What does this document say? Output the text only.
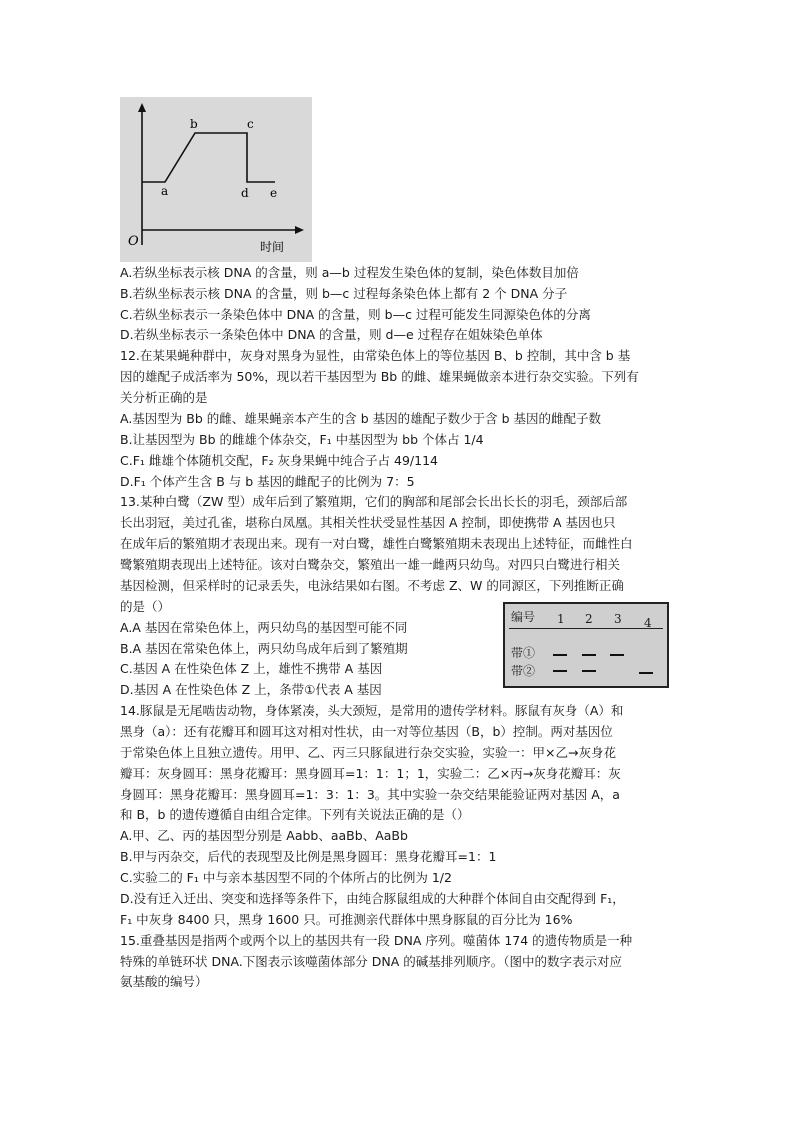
O
a
b	c
d e
时间
A.若纵坐标表示核 DNA 的含量，则 a—b 过程发生染色体的复制，染色体数目加倍
B.若纵坐标表示核 DNA 的含量，则 b—c 过程每条染色体上都有 2 个 DNA 分子
C.若纵坐标表示一条染色体中 DNA 的含量，则 b—c 过程可能发生同源染色体的分离
D.若纵坐标表示一条染色体中 DNA 的含量，则 d—e 过程存在姐妹染色单体
12.在某果蝇种群中，灰身对黑身为显性，由常染色体上的等位基因 B、b 控制，其中含 b 基
因的雄配子成活率为 50%，现以若干基因型为 Bb 的雌、雄果蝇做亲本进行杂交实验。下列有
关分析正确的是
A.基因型为 Bb 的雌、雄果蝇亲本产生的含 b 基因的雄配子数少于含 b 基因的雌配子数
B.让基因型为 Bb 的雌雄个体杂交，F₁ 中基因型为 bb 个体占 1/4
C.F₁ 雌雄个体随机交配，F₂ 灰身果蝇中纯合子占 49/114
D.F₁ 个体产生含 B 与 b 基因的雌配子的比例为 7：5
13.某种白鹭（ZW 型）成年后到了繁殖期，它们的胸部和尾部会长出长长的羽毛，颈部后部
长出羽冠，美过孔雀，堪称白凤凰。其相关性状受显性基因 A 控制，即使携带 A 基因也只
在成年后的繁殖期才表现出来。现有一对白鹭，雄性白鹭繁殖期未表现出上述特征，而雌性白
鹭繁殖期表现出上述特征。该对白鹭杂交，繁殖出一雄一雌两只幼鸟。对四只白鹭进行相关
基因检测，但采样时的记录丢失，电泳结果如右图。不考虑 Z、W 的同源区，下列推断正确
的是（）
A.A 基因在常染色体上，两只幼鸟的基因型可能不同
B.A 基因在常染色体上，两只幼鸟成年后到了繁殖期
C.基因 A 在性染色体 Z 上，雄性不携带 A 基因
D.基因 A 在性染色体 Z 上，条带①代表 A 基因
编号 1 2 3 4
带①
带②
14.豚鼠是无尾啮齿动物，身体紧凑，头大颈短，是常用的遗传学材料。豚鼠有灰身（A）和
黑身（a）：还有花瓣耳和圆耳这对相对性状，由一对等位基因（B，b）控制。两对基因位
于常染色体上且独立遗传。用甲、乙、丙三只豚鼠进行杂交实验，实验一：甲×乙→灰身花
瓣耳：灰身圆耳：黑身花瓣耳：黑身圆耳=1：1：1；1，实验二：乙×丙→灰身花瓣耳：灰
身圆耳：黑身花瓣耳：黑身圆耳=1：3：1：3。其中实验一杂交结果能验证两对基因 A，a
和 B，b 的遗传遵循自由组合定律。下列有关说法正确的是（）
A.甲、乙、丙的基因型分别是 Aabb、aaBb、AaBb
B.甲与丙杂交，后代的表现型及比例是黑身圆耳：黑身花瓣耳=1：1
C.实验二的 F₁ 中与亲本基因型不同的个体所占的比例为 1/2
D.没有迁入迁出、突变和选择等条件下，由纯合豚鼠组成的大种群个体间自由交配得到 F₁，
F₁ 中灰身 8400 只，黑身 1600 只。可推测亲代群体中黑身豚鼠的百分比为 16%
15.重叠基因是指两个或两个以上的基因共有一段 DNA 序列。噬菌体 174 的遗传物质是一种
特殊的单链环状 DNA.下图表示该噬菌体部分 DNA 的碱基排列顺序。（图中的数字表示对应
氨基酸的编号）
